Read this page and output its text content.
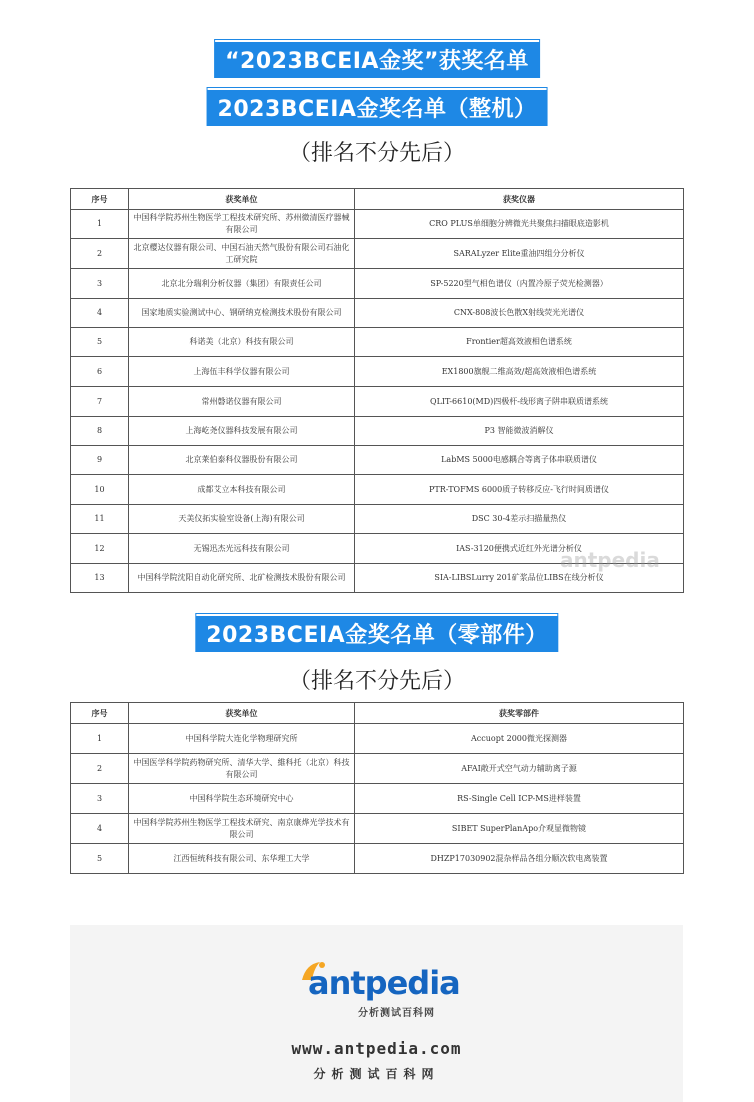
“2023BCEIA金奖”获奖名单
2023BCEIA金奖名单（整机）
（排名不分先后）
序号	获奖单位	获奖仪器
1	中国科学院苏州生物医学工程技术研究所、苏州微清医疗器械有限公司	CRO PLUS单细胞分辨微光共聚焦扫描眼底造影机
2	北京樱达仪器有限公司、中国石油天然气股份有限公司石油化工研究院	SARALyzer Elite重油四组分分析仪
3	北京北分瑞利分析仪器（集团）有限责任公司	SP-5220型气相色谱仪（内置冷原子荧光检测器）
4	国家地质实验测试中心、钢研纳克检测技术股份有限公司	CNX-808波长色散X射线荧光光谱仪
5	科诺美（北京）科技有限公司	Frontier超高效液相色谱系统
6	上海伍丰科学仪器有限公司	EX1800旗舰二维高效/超高效液相色谱系统
7	常州磐诺仪器有限公司	QLIT-6610(MD)四极杆-线形离子阱串联质谱系统
8	上海屹尧仪器科技发展有限公司	P3 智能微波消解仪
9	北京莱伯泰科仪器股份有限公司	LabMS 5000电感耦合等离子体串联质谱仪
10	成都艾立本科技有限公司	PTR-TOFMS 6000质子转移反应-飞行时间质谱仪
11	天美仪拓实验室设备(上海)有限公司	DSC 30-4差示扫描量热仪
12	无锡迅杰光远科技有限公司	IAS-3120便携式近红外光谱分析仪
13	中国科学院沈阳自动化研究所、北矿检测技术股份有限公司	SIA-LIBSLurry 201矿浆品位LIBS在线分析仪
antpedia
2023BCEIA金奖名单（零部件）
（排名不分先后）
序号	获奖单位	获奖零部件
1	中国科学院大连化学物理研究所	Accuopt 2000微光探测器
2	中国医学科学院药物研究所、清华大学、維科托（北京）科技有限公司	AFAI敞开式空气动力辅助离子源
3	中国科学院生态环境研究中心	RS-Single Cell ICP-MS进样装置
4	中国科学院苏州生物医学工程技术研究、南京康烨光学技术有限公司	SIBET SuperPlanApo介观显微物镜
5	江西恒统科技有限公司、东华理工大学	DHZP17030902混杂样品各组分顺次软电离装置
antpedia
分析测试百科网
www.antpedia.com
分析测试百科网
